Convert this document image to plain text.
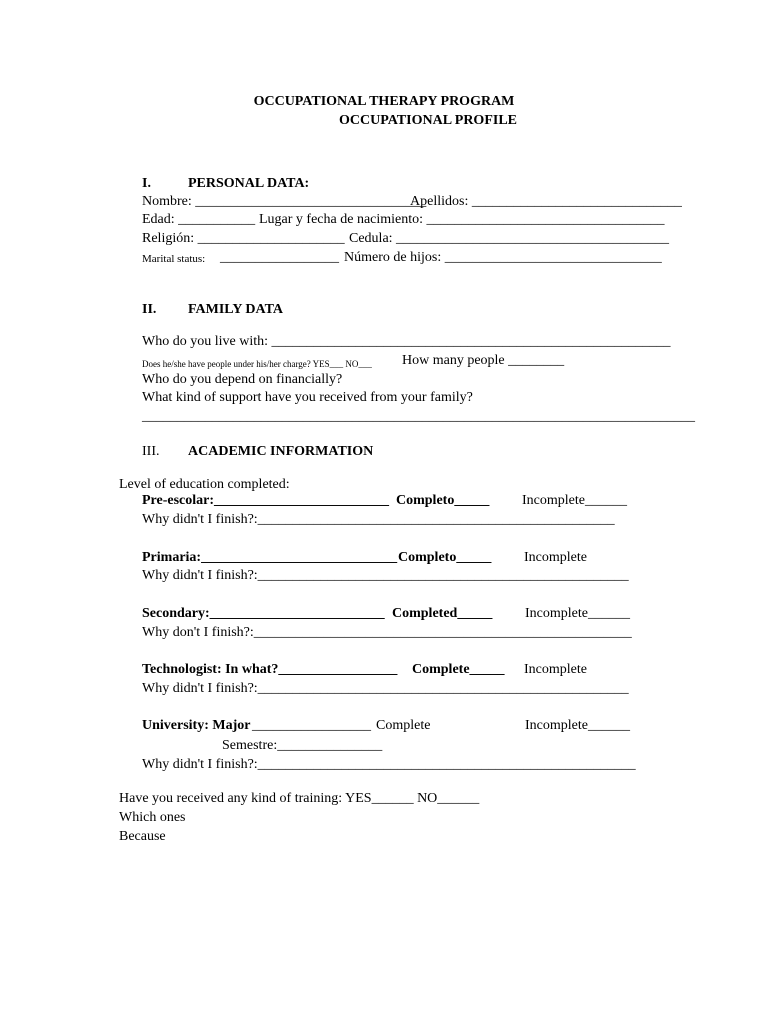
OCCUPATIONAL THERAPY PROGRAM
OCCUPATIONAL PROFILE
I.	PERSONAL DATA:
Nombre: _________________________________
Apellidos: ______________________________
Edad: ___________ Lugar y fecha de nacimiento: __________________________________
Religión: _____________________ Cedula: _______________________________________
Marital status: _________________ Número de hijos: _______________________________
II. FAMILY DATA
Who do you live with: _________________________________________________________
Does he/she have people under his/her charge? YES___ NO___ How many people ________
Who do you depend on financially?
What kind of support have you received from your family?
_______________________________________________________________________________
III. ACADEMIC INFORMATION
Level of education completed:
Pre-escolar:_________________________ Completo_____ Incomplete______
Why didn't I finish?:___________________________________________________
Primaria:____________________________ Completo_____ Incomplete
Why didn't I finish?:_____________________________________________________
Secondary:_________________________ Completed_____ Incomplete______
Why don't I finish?:______________________________________________________
Technologist: In what?_________________ Complete_____ Incomplete
Why didn't I finish?:_____________________________________________________
University: Major _________________ Complete	Incomplete______
Semestre:_______________
Why didn't I finish?:______________________________________________________
Have you received any kind of training: YES______ NO______
Which ones
Because
